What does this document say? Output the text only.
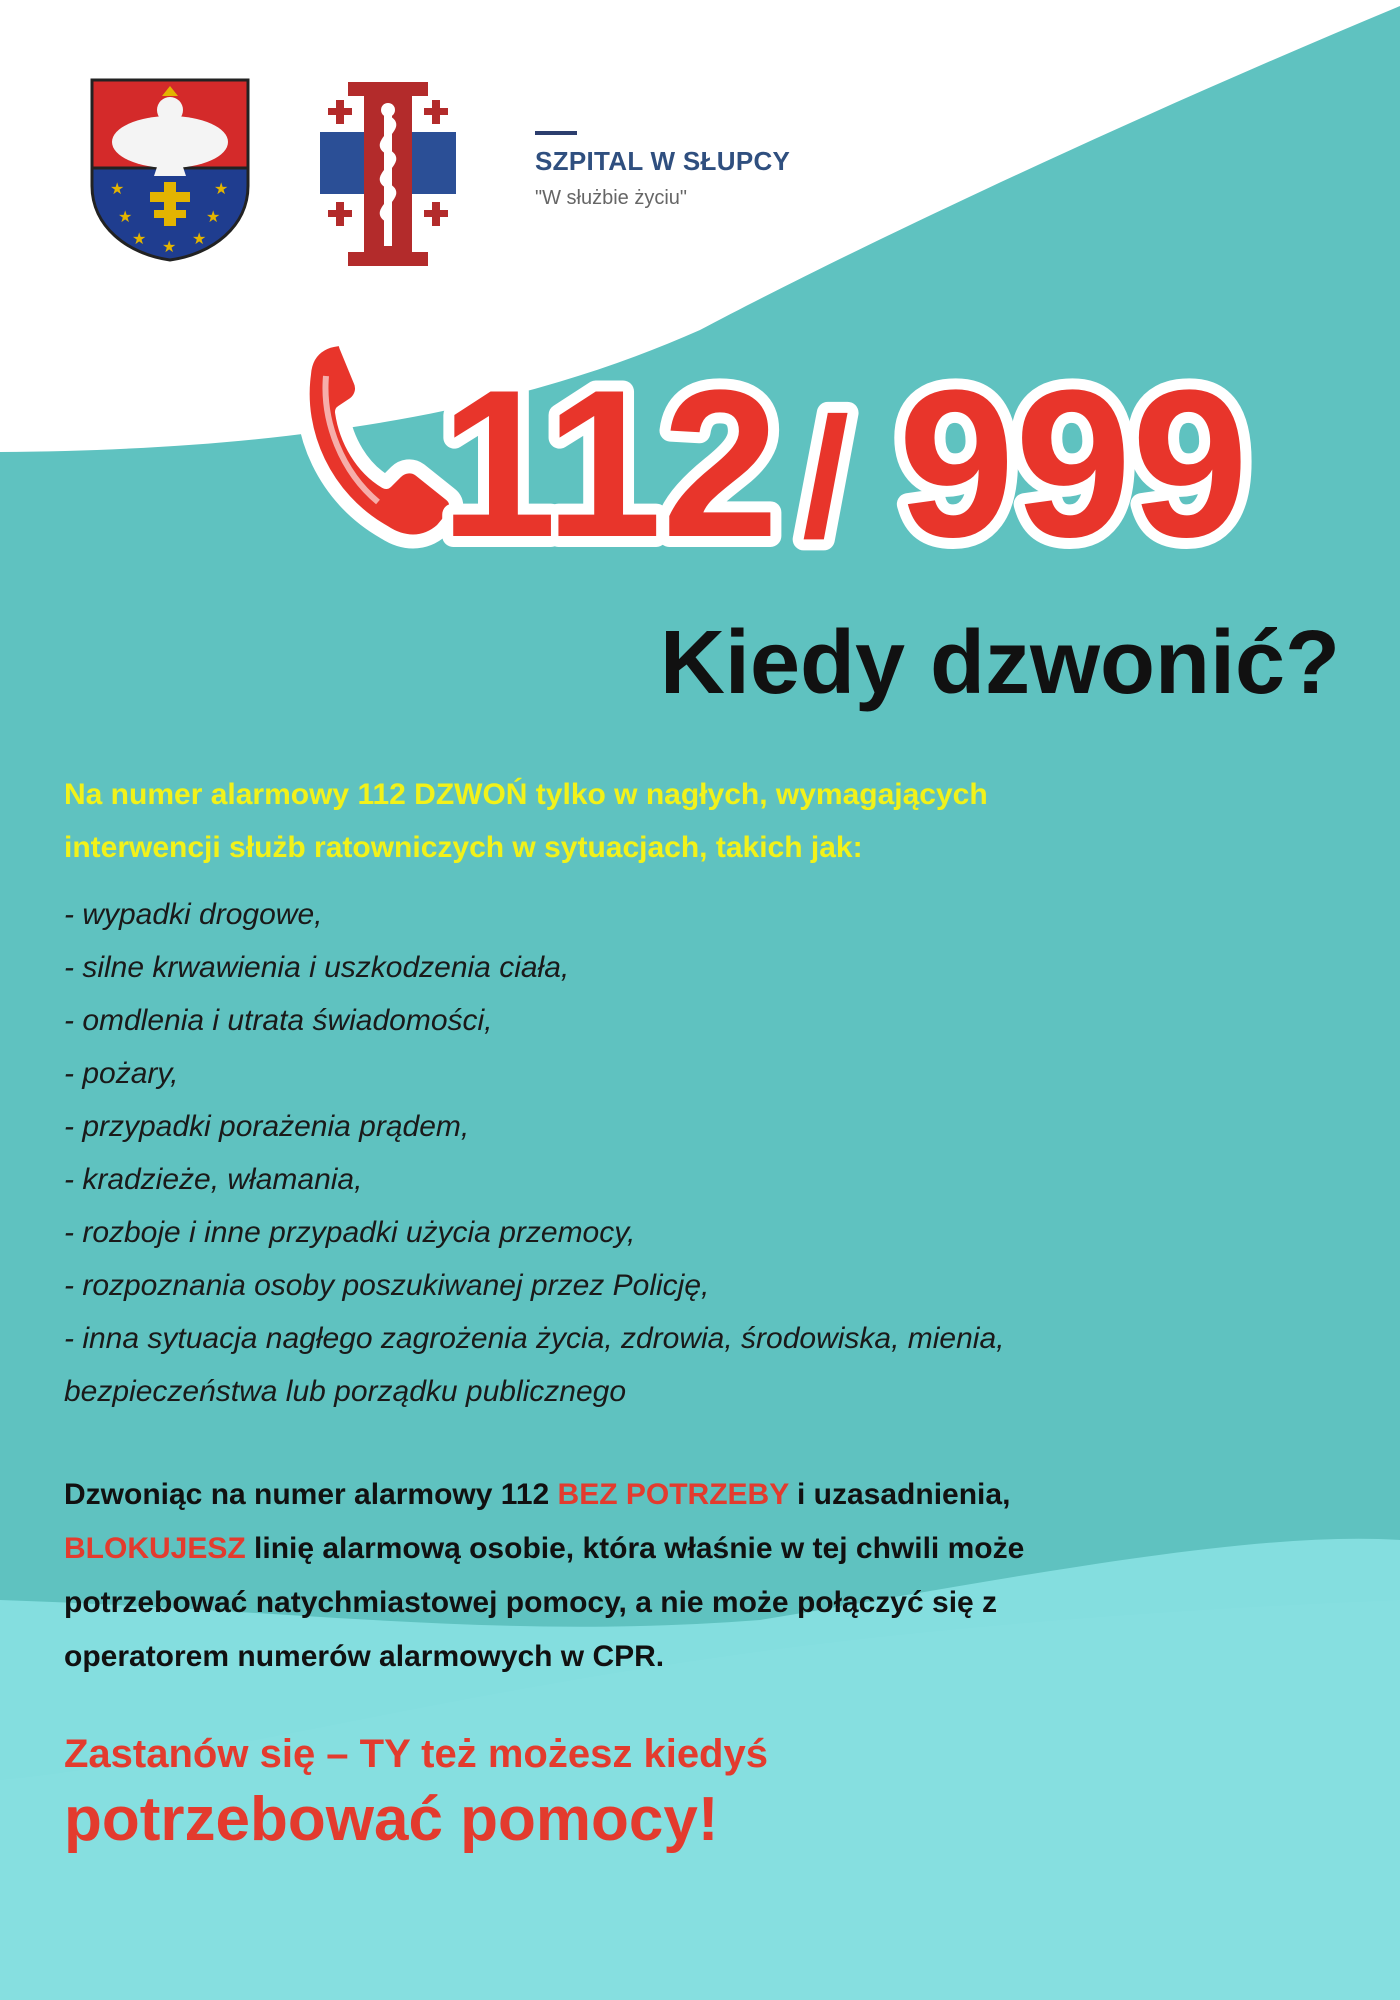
★	★
★	★
★	★
★
SZPITAL W SŁUPCY
"W służbie życiu"
112 / 999
Kiedy dzwonić?
Na numer alarmowy 112 DZWOŃ tylko w nagłych, wymagających
interwencji służb ratowniczych w sytuacjach, takich jak:
- wypadki drogowe,
- silne krwawienia i uszkodzenia ciała,
- omdlenia i utrata świadomości,
- pożary,
- przypadki porażenia prądem,
- kradzieże, włamania,
- rozboje i inne przypadki użycia przemocy,
- rozpoznania osoby poszukiwanej przez Policję,
- inna sytuacja nagłego zagrożenia życia, zdrowia, środowiska, mienia,
bezpieczeństwa lub porządku publicznego
Dzwoniąc na numer alarmowy 112 BEZ POTRZEBY i uzasadnienia,
BLOKUJESZ linię alarmową osobie, która właśnie w tej chwili może
potrzebować natychmiastowej pomocy, a nie może połączyć się z
operatorem numerów alarmowych w CPR.
Zastanów się – TY też możesz kiedyś
potrzebować pomocy!
